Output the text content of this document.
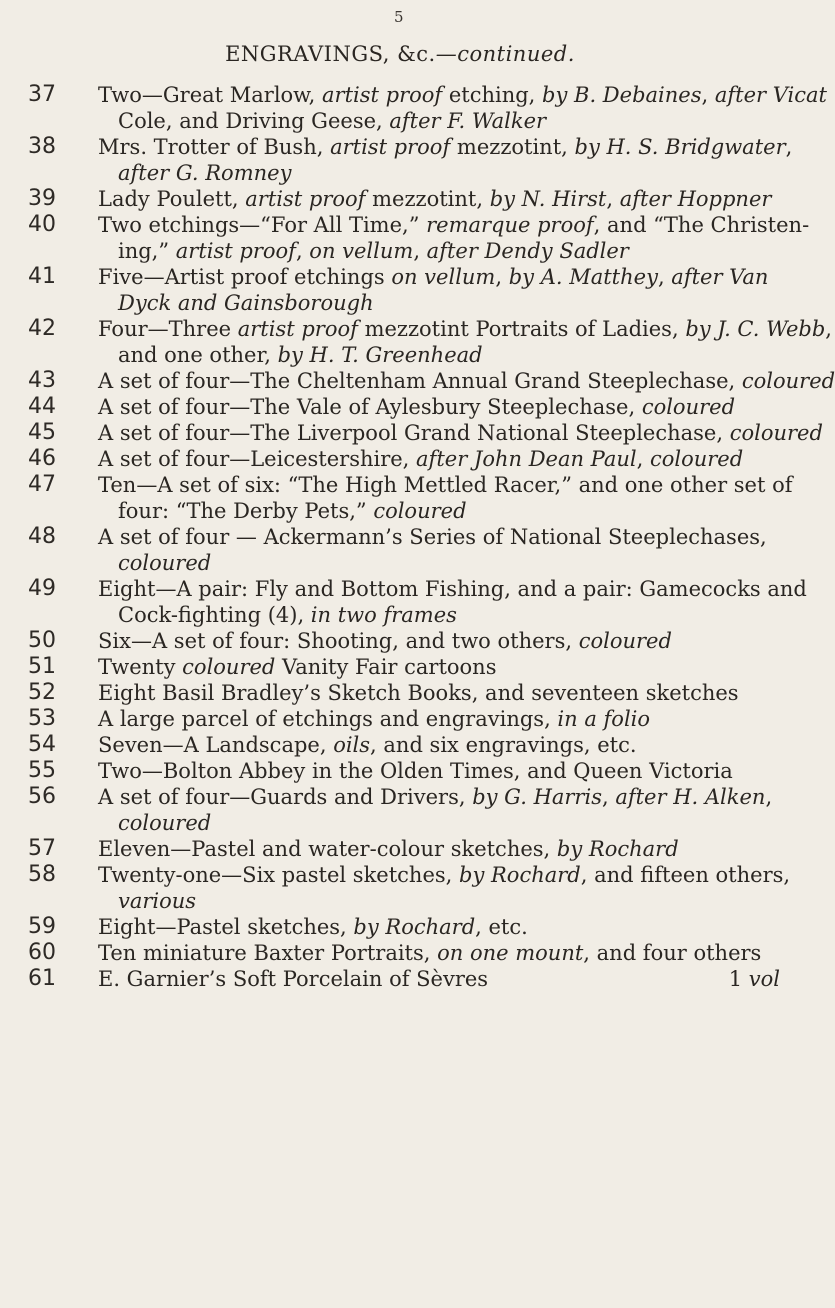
5
ENGRAVINGS, &c.—continued.
37	Two—Great Marlow, artist proof etching, by B. Debaines, after Vicat
Cole, and Driving Geese, after F. Walker
38	Mrs. Trotter of Bush, artist proof mezzotint, by H. S. Bridgwater,
after G. Romney
39	Lady Poulett, artist proof mezzotint, by N. Hirst, after Hoppner
40	Two etchings—“For All Time,” remarque proof, and “The Christen-
ing,” artist proof, on vellum, after Dendy Sadler
41	Five—Artist proof etchings on vellum, by A. Matthey, after Van
Dyck and Gainsborough
42	Four—Three artist proof mezzotint Portraits of Ladies, by J. C. Webb,
and one other, by H. T. Greenhead
43	A set of four—The Cheltenham Annual Grand Steeplechase, coloured
44	A set of four—The Vale of Aylesbury Steeplechase, coloured
45	A set of four—The Liverpool Grand National Steeplechase, coloured
46	A set of four—Leicestershire, after John Dean Paul, coloured
47	Ten—A set of six: “The High Mettled Racer,” and one other set of
four: “The Derby Pets,” coloured
48	A set of four — Ackermann’s Series of National Steeplechases,
coloured
49	Eight—A pair: Fly and Bottom Fishing, and a pair: Gamecocks and
Cock-fighting (4), in two frames
50	Six—A set of four: Shooting, and two others, coloured
51	Twenty coloured Vanity Fair cartoons
52	Eight Basil Bradley’s Sketch Books, and seventeen sketches
53	A large parcel of etchings and engravings, in a folio
54	Seven—A Landscape, oils, and six engravings, etc.
55	Two—Bolton Abbey in the Olden Times, and Queen Victoria
56	A set of four—Guards and Drivers, by G. Harris, after H. Alken,
coloured
57	Eleven—Pastel and water-colour sketches, by Rochard
58	Twenty-one—Six pastel sketches, by Rochard, and fifteen others,
various
59	Eight—Pastel sketches, by Rochard, etc.
60	Ten miniature Baxter Portraits, on one mount, and four others
61	E. Garnier’s Soft Porcelain of Sèvres	1 vol
